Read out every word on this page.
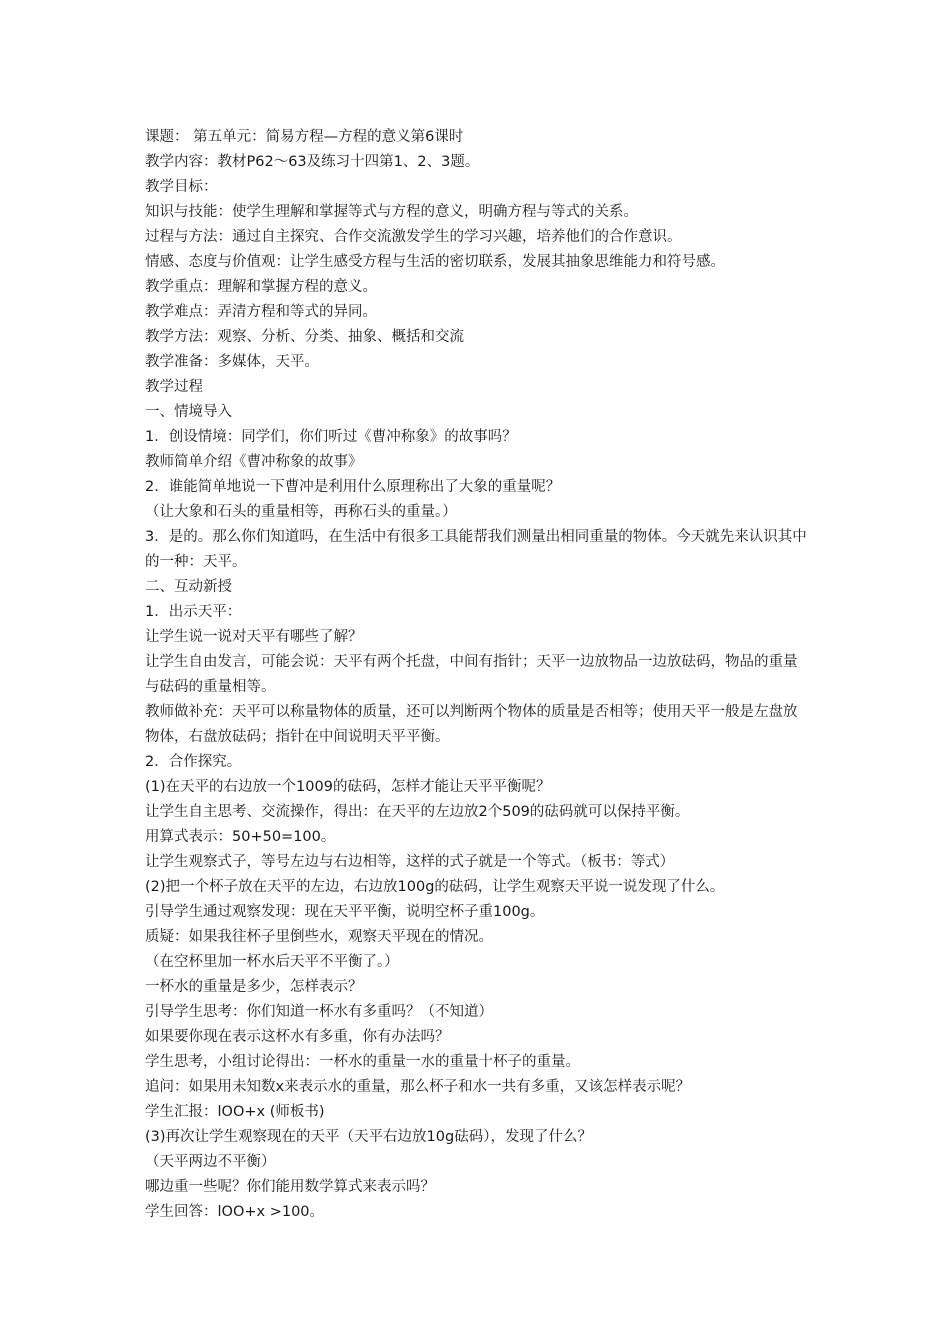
课题： 第五单元：简易方程—方程的意义第6课时

教学内容：教材P62～63及练习十四第1、2、3题。

教学目标：

知识与技能：使学生理解和掌握等式与方程的意义，明确方程与等式的关系。

过程与方法：通过自主探究、合作交流激发学生的学习兴趣，培养他们的合作意识。

情感、态度与价值观：让学生感受方程与生活的密切联系，发展其抽象思维能力和符号感。

教学重点：理解和掌握方程的意义。

教学难点：弄清方程和等式的异同。

教学方法：观察、分析、分类、抽象、概括和交流

教学准备：多媒体，天平。

教学过程

一、情境导入

1．创设情境：同学们，你们听过《曹冲称象》的故事吗？

教师简单介绍《曹冲称象的故事》

2．谁能简单地说一下曹冲是利用什么原理称出了大象的重量呢？

（让大象和石头的重量相等，再称石头的重量。）

3．是的。那么你们知道吗，在生活中有很多工具能帮我们测量出相同重量的物体。今天就先来认识其中的一种：天平。

二、互动新授

1．出示天平：

让学生说一说对天平有哪些了解？

让学生自由发言，可能会说：天平有两个托盘，中间有指针；天平一边放物品一边放砝码，物品的重量与砝码的重量相等。

教师做补充：天平可以称量物体的质量，还可以判断两个物体的质量是否相等；使用天平一般是左盘放物体，右盘放砝码；指针在中间说明天平平衡。

2．合作探究。

(1)在天平的右边放一个1009的砝码，怎样才能让天平平衡呢？

让学生自主思考、交流操作，得出：在天平的左边放2个509的砝码就可以保持平衡。

用算式表示：50+50=100。

让学生观察式子，等号左边与右边相等，这样的式子就是一个等式。（板书：等式）

(2)把一个杯子放在天平的左边，右边放100g的砝码，让学生观察天平说一说发现了什么。

引导学生通过观察发现：现在天平平衡，说明空杯子重100g。

质疑：如果我往杯子里倒些水，观察天平现在的情况。

（在空杯里加一杯水后天平不平衡了。）

一杯水的重量是多少，怎样表示？

引导学生思考：你们知道一杯水有多重吗？（不知道）

如果要你现在表示这杯水有多重，你有办法吗？

学生思考，小组讨论得出：一杯水的重量一水的重量十杯子的重量。

追问：如果用未知数x来表示水的重量，那么杯子和水一共有多重，又该怎样表示呢？

学生汇报：lOO+x (师板书)

(3)再次让学生观察现在的天平（天平右边放10g砝码），发现了什么？

（天平两边不平衡）

哪边重一些呢？你们能用数学算式来表示吗？

学生回答：lOO+x >100。
